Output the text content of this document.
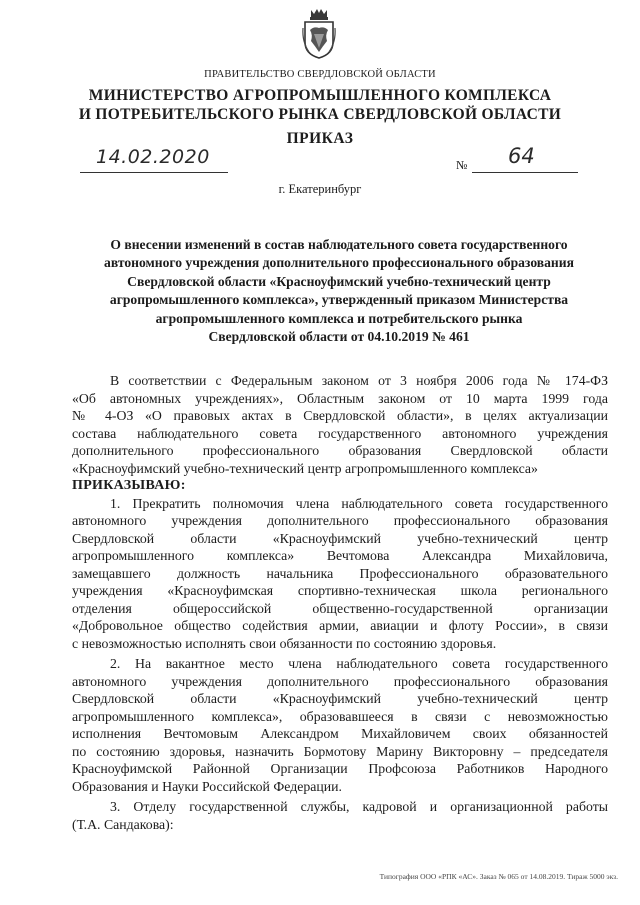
ПРАВИТЕЛЬСТВО СВЕРДЛОВСКОЙ ОБЛАСТИ
МИНИСТЕРСТВО АГРОПРОМЫШЛЕННОГО КОМПЛЕКСА
И ПОТРЕБИТЕЛЬСКОГО РЫНКА СВЕРДЛОВСКОЙ ОБЛАСТИ
ПРИКАЗ
14.02.2020	№ 64
г. Екатеринбург
О внесении изменений в состав наблюдательного совета государственного
автономного учреждения дополнительного профессионального образования
Свердловской области «Красноуфимский учебно-технический центр
агропромышленного комплекса», утвержденный приказом Министерства
агропромышленного комплекса и потребительского рынка
Свердловской области от 04.10.2019 № 461

В соответствии с Федеральным законом от 3 ноября 2006 года № 174-ФЗ

«Об автономных учреждениях», Областным законом от 10 марта 1999 года

№ 4-ОЗ «О правовых актах в Свердловской области», в целях актуализации

состава наблюдательного совета государственного автономного учреждения

дополнительного профессионального образования Свердловской области

«Красноуфимский учебно-технический центр агропромышленного комплекса»

ПРИКАЗЫВАЮ:

1. Прекратить полномочия члена наблюдательного совета государственного

автономного учреждения дополнительного профессионального образования

Свердловской области «Красноуфимский учебно-технический центр

агропромышленного комплекса» Вечтомова Александра Михайловича,

замещавшего должность начальника Профессионального образовательного

учреждения «Красноуфимская спортивно-техническая школа регионального

отделения общероссийской общественно-государственной организации

«Добровольное общество содействия армии, авиации и флоту России», в связи

с невозможностью исполнять свои обязанности по состоянию здоровья.

2. На вакантное место члена наблюдательного совета государственного

автономного учреждения дополнительного профессионального образования

Свердловской области «Красноуфимский учебно-технический центр

агропромышленного комплекса», образовавшееся в связи с невозможностью

исполнения Вечтомовым Александром Михайловичем своих обязанностей

по состоянию здоровья, назначить Бормотову Марину Викторовну – председателя

Красноуфимской Районной Организации Профсоюза Работников Народного

Образования и Науки Российской Федерации.

3. Отделу государственной службы, кадровой и организационной работы

(Т.А. Сандакова):

Типография ООО «РПК «АС». Заказ № 065 от 14.08.2019. Тираж 5000 экз.
